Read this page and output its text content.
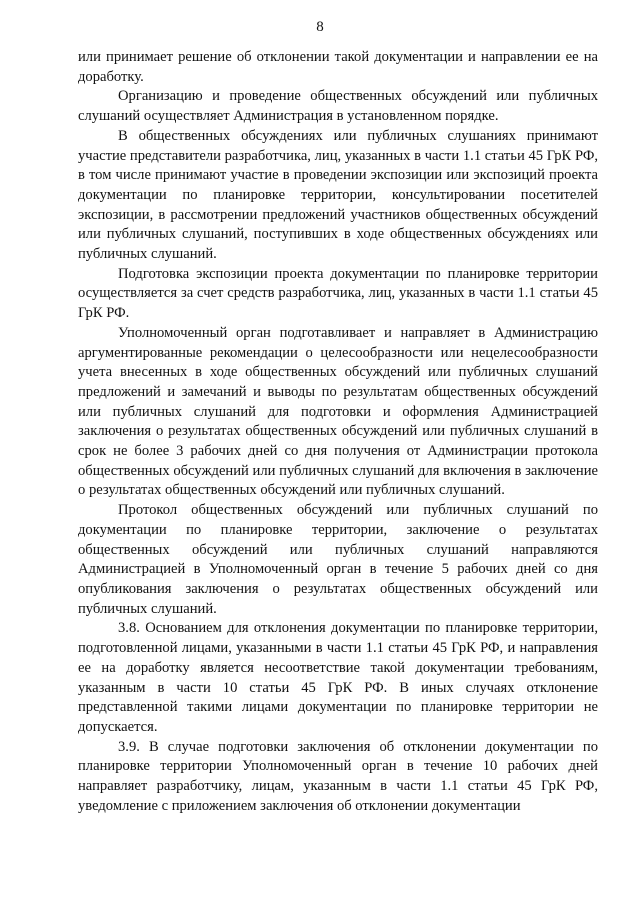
8

или принимает решение об отклонении такой документации и направлении ее на доработку.

Организацию и проведение общественных обсуждений или публичных слушаний осуществляет Администрация в установленном порядке.

В общественных обсуждениях или публичных слушаниях принимают участие представители разработчика, лиц, указанных в части 1.1 статьи 45 ГрК РФ, в том числе принимают участие в проведении экспозиции или экспозиций проекта документации по планировке территории, консультировании посетителей экспозиции, в рассмотрении предложений участников общественных обсуждений или публичных слушаний, поступивших в ходе общественных обсуждениях или публичных слушаний.

Подготовка экспозиции проекта документации по планировке территории осуществляется за счет средств разработчика, лиц, указанных в части 1.1 статьи 45 ГрК РФ.

Уполномоченный орган подготавливает и направляет в Администрацию аргументированные рекомендации о целесообразности или нецелесообразности учета внесенных в ходе общественных обсуждений или публичных слушаний предложений и замечаний и выводы по результатам общественных обсуждений или публичных слушаний для подготовки и оформления Администрацией заключения о результатах общественных обсуждений или публичных слушаний в срок не более 3 рабочих дней со дня получения от Администрации протокола общественных обсуждений или публичных слушаний для включения в заключение о результатах общественных обсуждений или публичных слушаний.

Протокол общественных обсуждений или публичных слушаний по документации по планировке территории, заключение о результатах общественных обсуждений или публичных слушаний направляются Администрацией в Уполномоченный орган в течение 5 рабочих дней со дня опубликования заключения о результатах общественных обсуждений или публичных слушаний.

3.8. Основанием для отклонения документации по планировке территории, подготовленной лицами, указанными в части 1.1 статьи 45 ГрК РФ, и направления ее на доработку является несоответствие такой документации требованиям, указанным в части 10 статьи 45 ГрК РФ. В иных случаях отклонение представленной такими лицами документации по планировке территории не допускается.

3.9. В случае подготовки заключения об отклонении документации по планировке территории Уполномоченный орган в течение 10 рабочих дней направляет разработчику, лицам, указанным в части 1.1 статьи 45 ГрК РФ, уведомление с приложением заключения об отклонении документации
